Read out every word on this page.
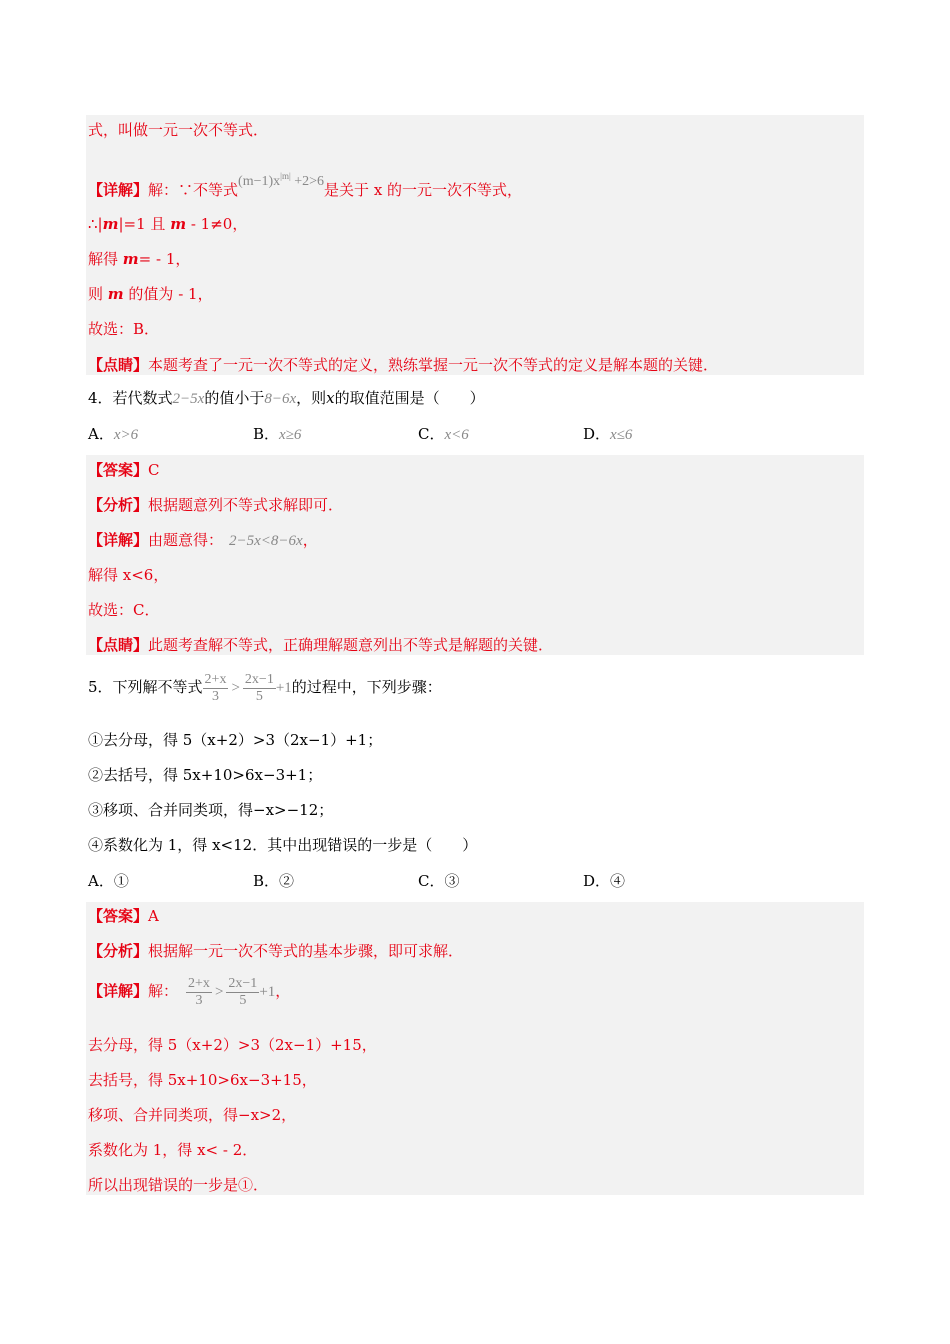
式，叫做一元一次不等式．
【详解】解：∵不等式$(m-1)x^{|m|} +2>6$是关于 x 的一元一次不等式，
∴|m|=1 且 m - 1≠0，
解得 m= - 1，
则 m 的值为 - 1，
故选：B．
【点睛】本题考查了一元一次不等式的定义，熟练掌握一元一次不等式的定义是解本题的关键．
4．若代数式2−5x的值小于8−6x，则x的取值范围是（　　）
A．x>6	B．x≥6	C．x<6	D．x≤6
【答案】C
【分析】根据题意列不等式求解即可．
【详解】由题意得： 2−5x<8−6x，
解得 x<6，
故选：C．
【点睛】此题考查解不等式，正确理解题意列出不等式是解题的关键．
5．下列解不等式 $\frac{2+x}{3} > \frac{2x-1}{5} +1$的过程中，下列步骤：
①去分母，得 5（x+2）>3（2x−1）+1；
②去括号，得 5x+10>6x−3+1；
③移项、合并同类项，得−x>−12；
④系数化为 1，得 x<12．其中出现错误的一步是（　　）
A．①	B．②	C．③	D．④
【答案】A
【分析】根据解一元一次不等式的基本步骤，即可求解．
【详解】解： $\frac{2+x}{3} > \frac{2x-1}{5} +1$，
去分母，得 5（x+2）>3（2x−1）+15，
去括号，得 5x+10>6x−3+15，
移项、合并同类项，得−x>2，
系数化为 1，得 x< - 2．
所以出现错误的一步是①．
